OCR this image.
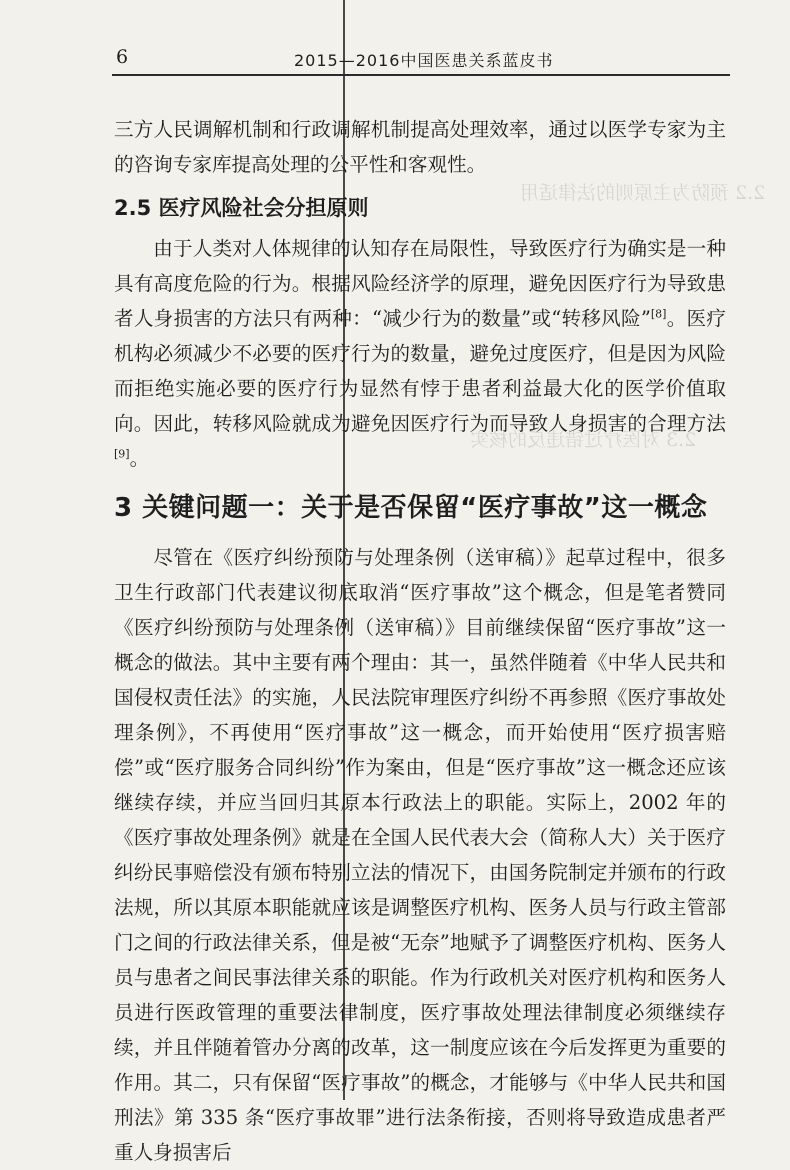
2.2 预防为主原则的法律适用
2.3 对医疗过错违反的核实
6	2015—2016中国医患关系蓝皮书

三方人民调解机制和行政调解机制提高处理效率，通过以医学专家为主的咨询专家库提高处理的公平性和客观性。

2.5 医疗风险社会分担原则

由于人类对人体规律的认知存在局限性，导致医疗行为确实是一种具有高度危险的行为。根据风险经济学的原理，避免因医疗行为导致患者人身损害的方法只有两种：“减少行为的数量”或“转移风险”[8]。医疗机构必须减少不必要的医疗行为的数量，避免过度医疗，但是因为风险而拒绝实施必要的医疗行为显然有悖于患者利益最大化的医学价值取向。因此，转移风险就成为避免因医疗行为而导致人身损害的合理方法[9]。

3 关键问题一：关于是否保留“医疗事故”这一概念

尽管在《医疗纠纷预防与处理条例（送审稿）》起草过程中，很多卫生行政部门代表建议彻底取消“医疗事故”这个概念，但是笔者赞同《医疗纠纷预防与处理条例（送审稿）》目前继续保留“医疗事故”这一概念的做法。其中主要有两个理由：其一，虽然伴随着《中华人民共和国侵权责任法》的实施，人民法院审理医疗纠纷不再参照《医疗事故处理条例》，不再使用“医疗事故”这一概念，而开始使用“医疗损害赔偿”或“医疗服务合同纠纷”作为案由，但是“医疗事故”这一概念还应该继续存续，并应当回归其原本行政法上的职能。实际上，2002 年的《医疗事故处理条例》就是在全国人民代表大会（简称人大）关于医疗纠纷民事赔偿没有颁布特别立法的情况下，由国务院制定并颁布的行政法规，所以其原本职能就应该是调整医疗机构、医务人员与行政主管部门之间的行政法律关系，但是被“无奈”地赋予了调整医疗机构、医务人员与患者之间民事法律关系的职能。作为行政机关对医疗机构和医务人员进行医政管理的重要法律制度，医疗事故处理法律制度必须继续存续，并且伴随着管办分离的改革，这一制度应该在今后发挥更为重要的作用。其二，只有保留“医疗事故”的概念，才能够与《中华人民共和国刑法》第 335 条“医疗事故罪”进行法条衔接，否则将导致造成患者严重人身损害后
